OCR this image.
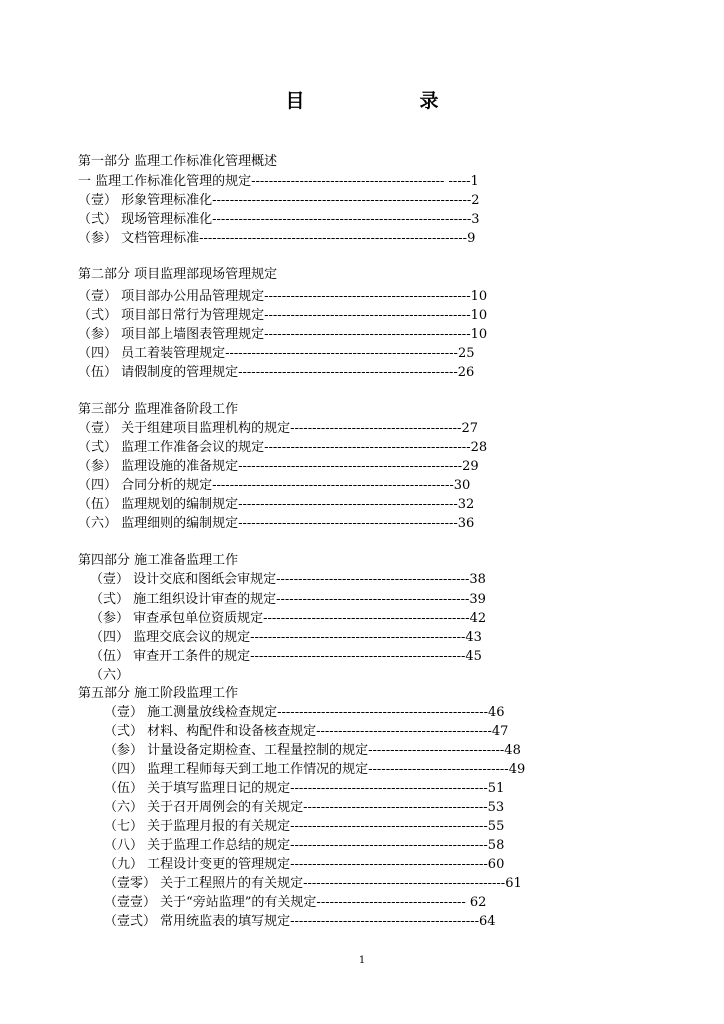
目　录
第一部分 监理工作标准化管理概述
一 监理工作标准化管理的规定-------------------------------------------- -----1
（壹） 形象管理标准化-----------------------------------------------------------2
（弍） 现场管理标准化-----------------------------------------------------------3
（参） 文档管理标准-------------------------------------------------------------9
第二部分 项目监理部现场管理规定
（壹） 项目部办公用品管理规定-----------------------------------------------10
（弍） 项目部日常行为管理规定-----------------------------------------------10
（参） 项目部上墙图表管理规定-----------------------------------------------10
（四） 员工着装管理规定-----------------------------------------------------25
（伍） 请假制度的管理规定--------------------------------------------------26
第三部分 监理准备阶段工作
（壹） 关于组建项目监理机构的规定---------------------------------------27
（弍） 监理工作准备会议的规定-----------------------------------------------28
（参） 监理设施的准备规定---------------------------------------------------29
（四） 合同分析的规定-------------------------------------------------------30
（伍） 监理规划的编制规定--------------------------------------------------32
（六） 监理细则的编制规定--------------------------------------------------36
第四部分 施工准备监理工作
（壹） 设计交底和图纸会审规定--------------------------------------------38
（弍） 施工组织设计审查的规定--------------------------------------------39
（参） 审查承包单位资质规定-----------------------------------------------42
（四） 监理交底会议的规定-------------------------------------------------43
（伍） 审查开工条件的规定-------------------------------------------------45
（六）
第五部分 施工阶段监理工作
（壹） 施工测量放线检查规定------------------------------------------------46
（弍） 材料、构配件和设备核查规定----------------------------------------47
（参） 计量设备定期检查、工程量控制的规定-------------------------------48
（四） 监理工程师每天到工地工作情况的规定--------------------------------49
（伍） 关于填写监理日记的规定---------------------------------------------51
（六） 关于召开周例会的有关规定------------------------------------------53
（七） 关于监理月报的有关规定---------------------------------------------55
（八） 关于监理工作总结的规定---------------------------------------------58
（九） 工程设计变更的管理规定---------------------------------------------60
（壹零） 关于工程照片的有关规定----------------------------------------------61
（壹壹） 关于“旁站监理”的有关规定---------------------------------- 62
（壹弍） 常用统监表的填写规定-------------------------------------------64
1
